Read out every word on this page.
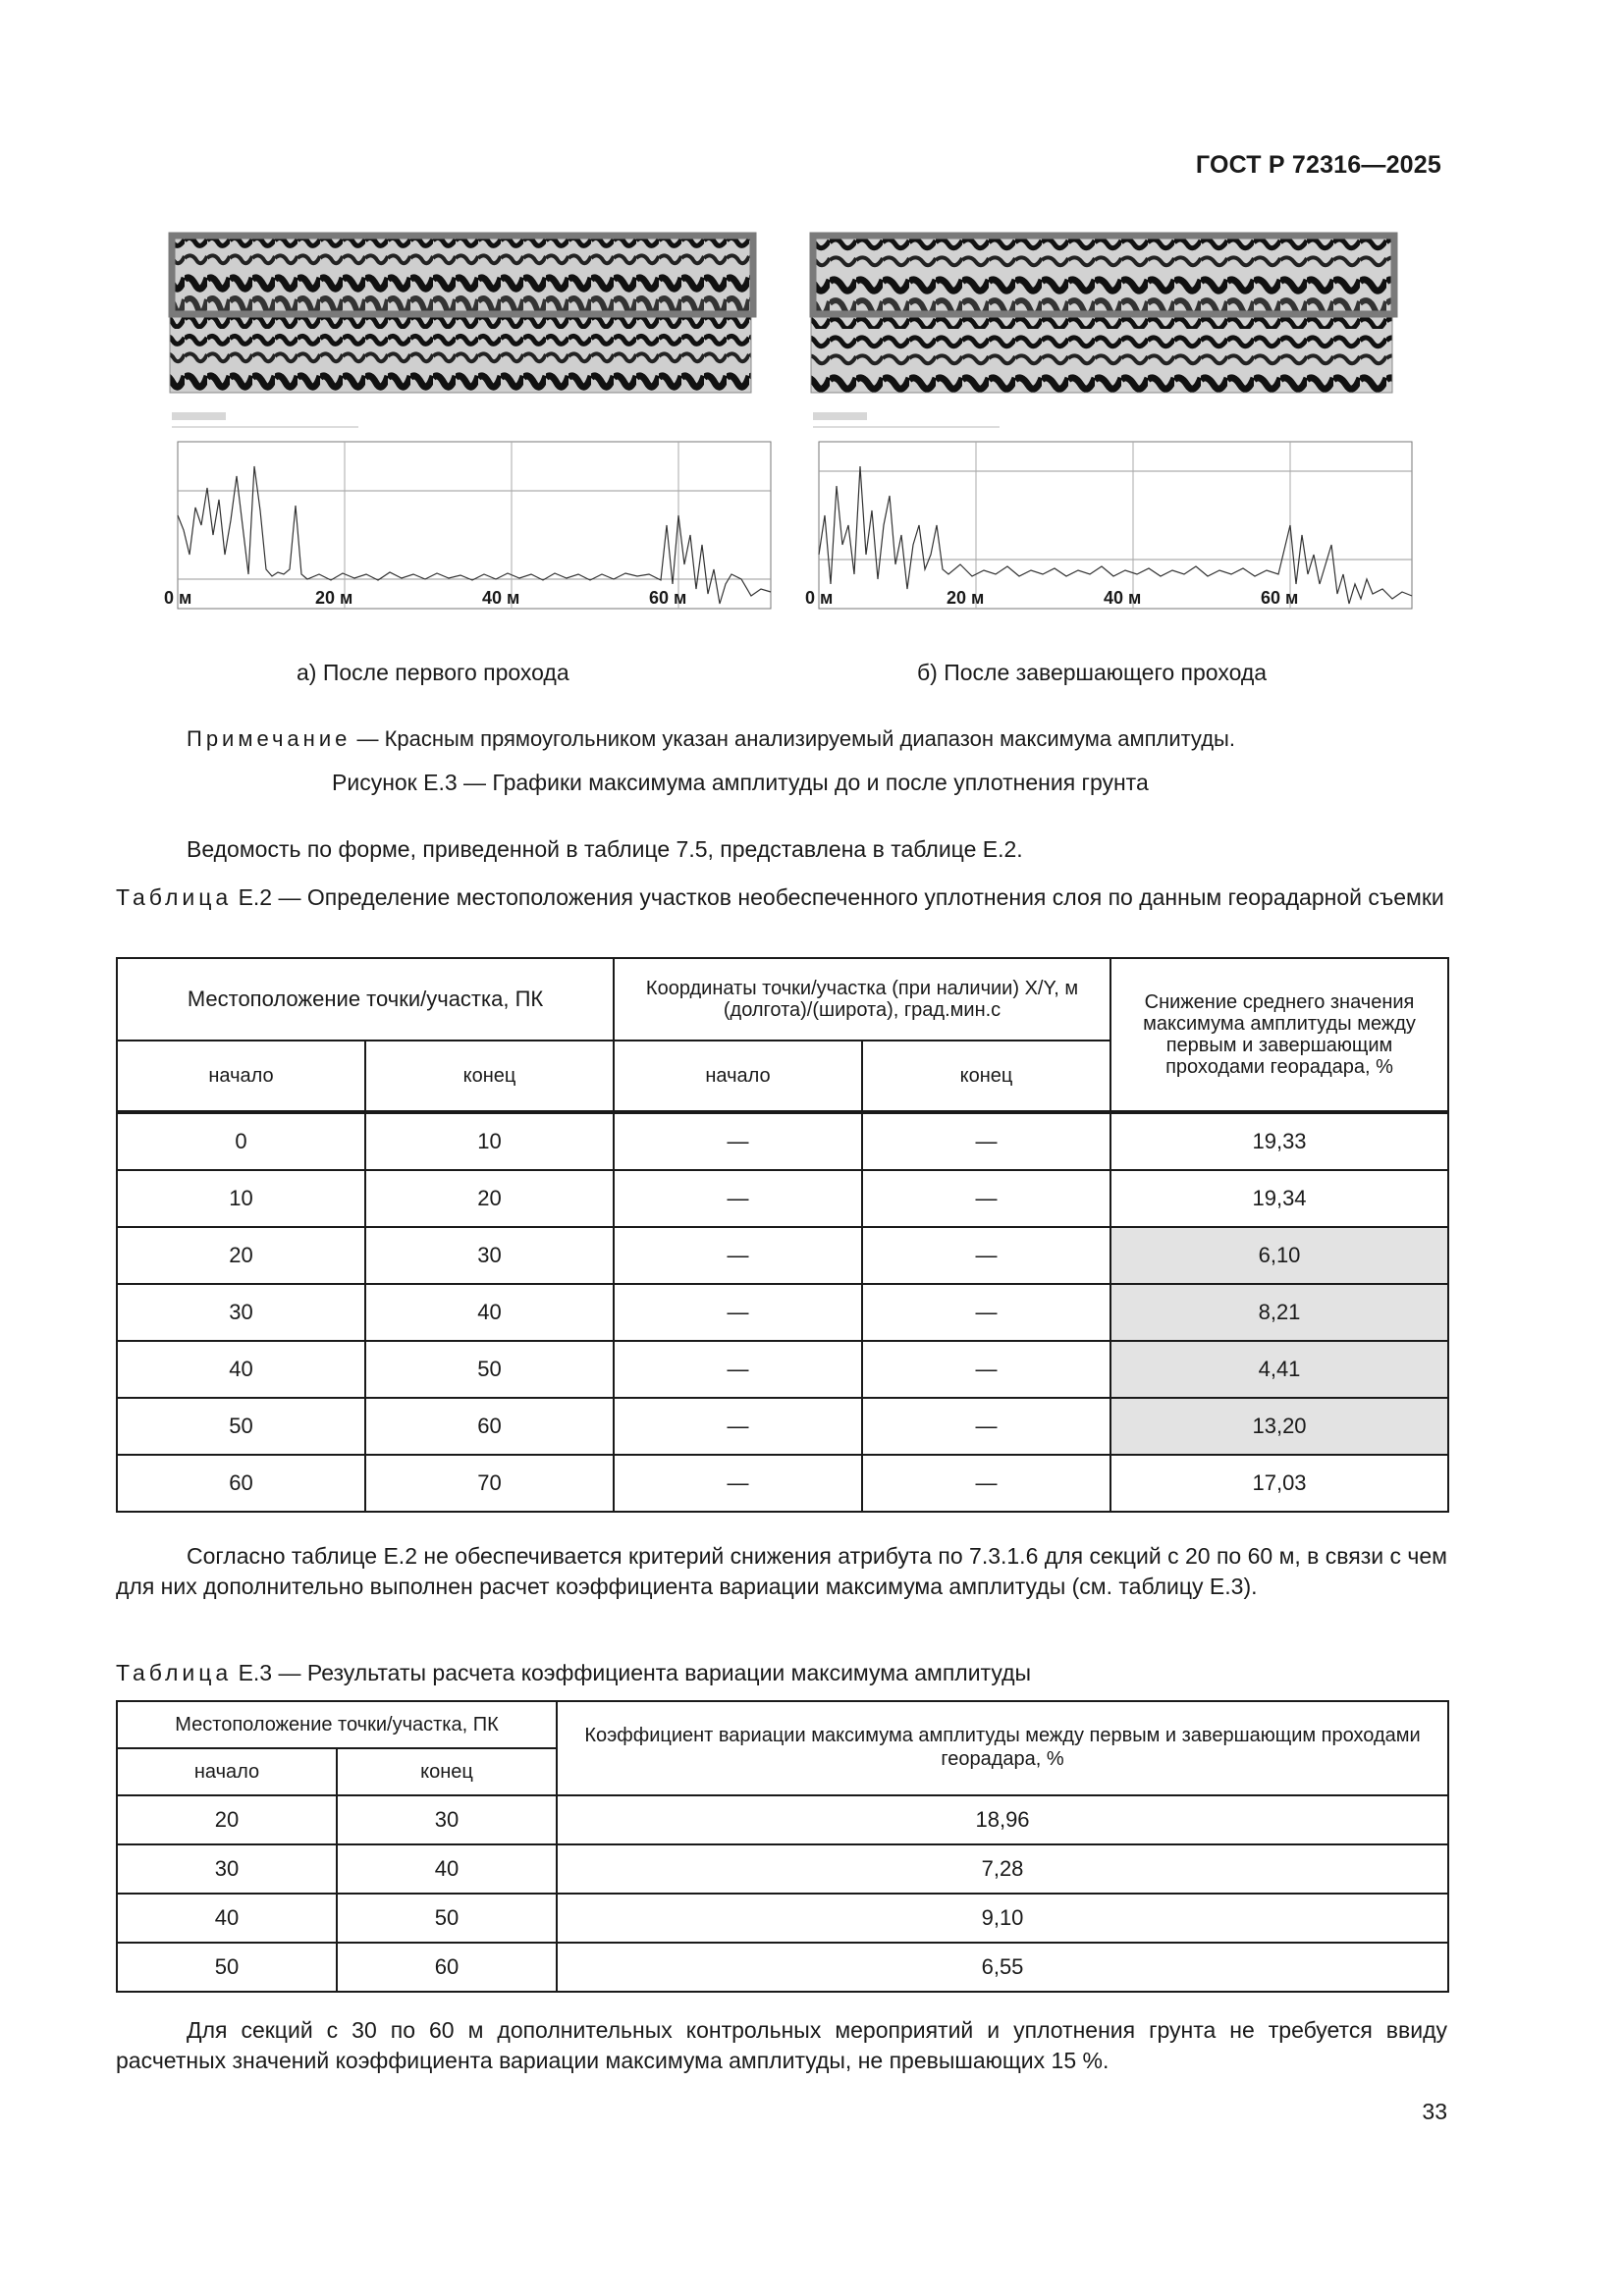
ГОСТ Р 72316—2025
0 м	20 м	40 м	60 м	0 м	20 м	40 м	60 м
а) После первого прохода	б) После завершающего прохода
Примечание — Красным прямоугольником указан анализируемый диапазон максимума амплитуды.
Рисунок Е.3 — Графики максимума амплитуды до и после уплотнения грунта
Ведомость по форме, приведенной в таблице 7.5, представлена в таблице Е.2.
Таблица Е.2 — Определение местоположения участков необеспеченного уплотнения слоя по данным георадарной съемки
Местоположение точки/участка, ПК		Координаты точки/участка (при наличии) X/Y, м (долгота)/(широта), град.мин.с		Снижение среднего значения максимума амплитуды между первым и завершающим проходами георадара, %
начало	конец	начало	конец	
0	10	—	—	19,33
10	20	—	—	19,34
20	30	—	—	6,10
30	40	—	—	8,21
40	50	—	—	4,41
50	60	—	—	13,20
60	70	—	—	17,03
Согласно таблице Е.2 не обеспечивается критерий снижения атрибута по 7.3.1.6 для секций с 20 по 60 м, в связи с чем для них дополнительно выполнен расчет коэффициента вариации максимума амплитуды (см. таблицу Е.3).
Таблица Е.3 — Результаты расчета коэффициента вариации максимума амплитуды
Местоположение точки/участка, ПК		Коэффициент вариации максимума амплитуды между первым и завершающим проходами георадара, %
начало	конец	
20	30	18,96
30	40	7,28
40	50	9,10
50	60	6,55
Для секций с 30 по 60 м дополнительных контрольных мероприятий и уплотнения грунта не требуется ввиду расчетных значений коэффициента вариации максимума амплитуды, не превышающих 15 %.
33
